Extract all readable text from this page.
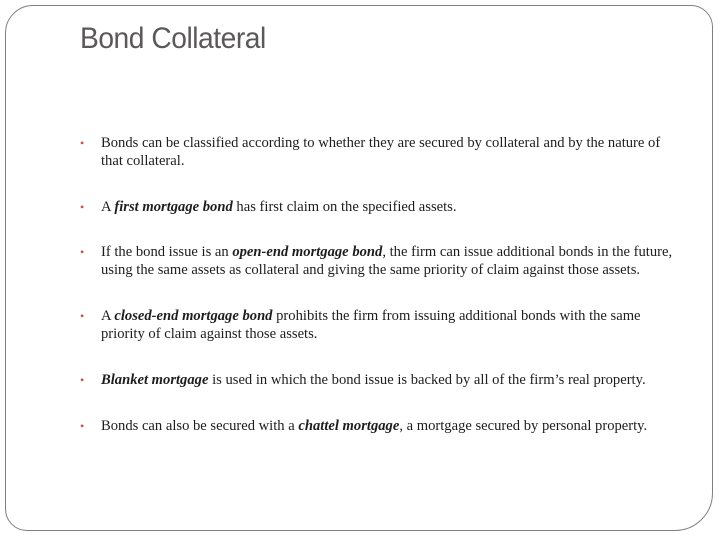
Bond Collateral
• Bonds can be classified according to whether they are secured by collateral and by the nature of that collateral.
• A first mortgage bond has first claim on the specified assets.
• If the bond issue is an open-end mortgage bond, the firm can issue additional bonds in the future, using the same assets as collateral and giving the same priority of claim against those assets.
• A closed-end mortgage bond prohibits the firm from issuing additional bonds with the same priority of claim against those assets.
• Blanket mortgage is used in which the bond issue is backed by all of the firm’s real property.
• Bonds can also be secured with a chattel mortgage, a mortgage secured by personal property.
